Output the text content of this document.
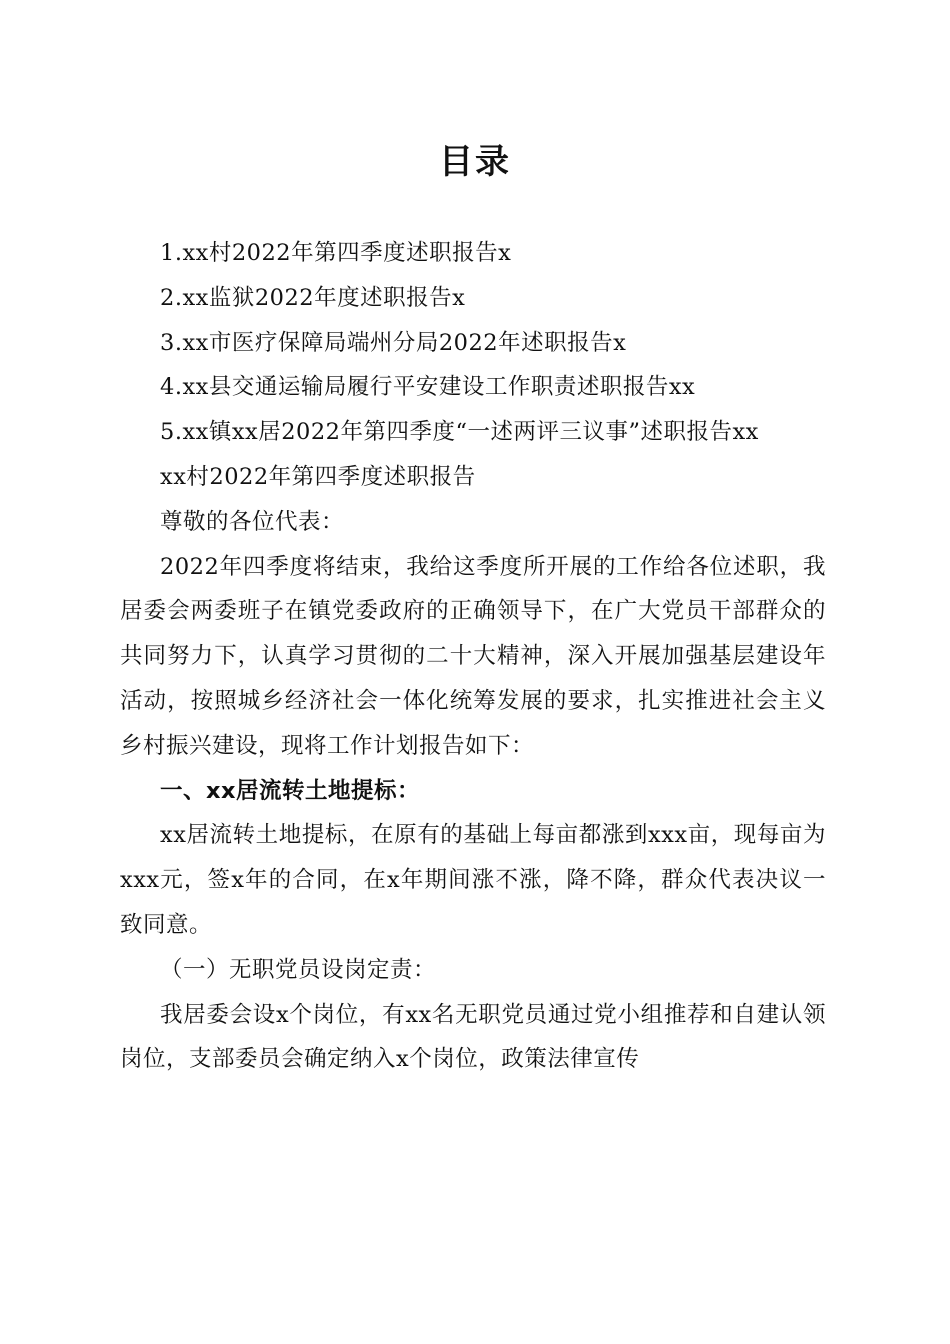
目录

1.xx村2022年第四季度述职报告x

2.xx监狱2022年度述职报告x

3.xx市医疗保障局端州分局2022年述职报告x

4.xx县交通运输局履行平安建设工作职责述职报告xx

5.xx镇xx居2022年第四季度“一述两评三议事”述职报告xx

xx村2022年第四季度述职报告

尊敬的各位代表：

2022年四季度将结束，我给这季度所开展的工作给各位述职，我居委会两委班子在镇党委政府的正确领导下，在广大党员干部群众的共同努力下，认真学习贯彻的二十大精神，深入开展加强基层建设年活动，按照城乡经济社会一体化统筹发展的要求，扎实推进社会主义乡村振兴建设，现将工作计划报告如下：

一、xx居流转土地提标：

xx居流转土地提标，在原有的基础上每亩都涨到xxx亩，现每亩为xxx元，签x年的合同，在x年期间涨不涨，降不降，群众代表决议一致同意。

（一）无职党员设岗定责：

我居委会设x个岗位，有xx名无职党员通过党小组推荐和自建认领岗位，支部委员会确定纳入x个岗位，政策法律宣传
